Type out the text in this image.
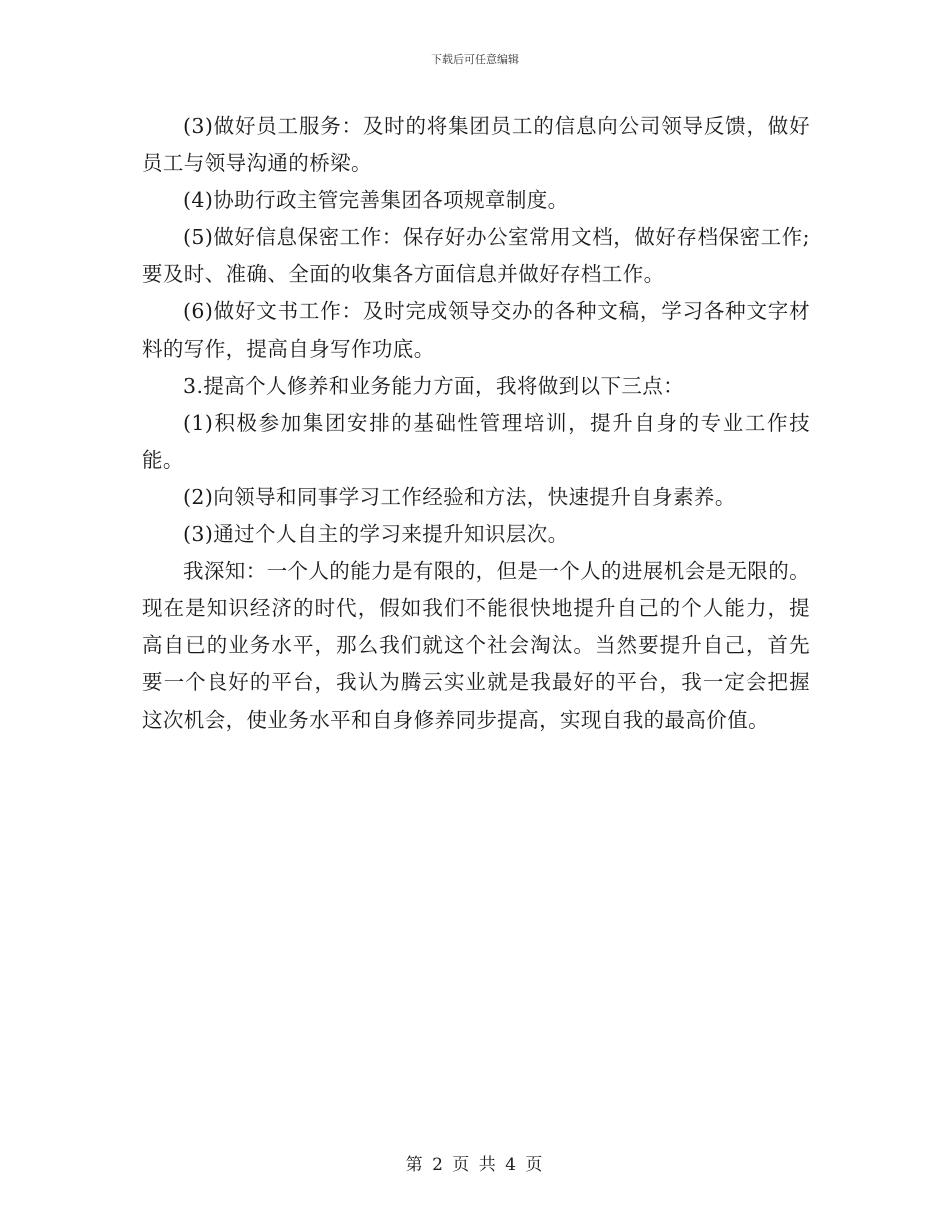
下载后可任意编辑

(3)做好员工服务：及时的将集团员工的信息向公司领导反馈，做好员工与领导沟通的桥梁。

(4)协助行政主管完善集团各项规章制度。

(5)做好信息保密工作：保存好办公室常用文档，做好存档保密工作;要及时、准确、全面的收集各方面信息并做好存档工作。

(6)做好文书工作：及时完成领导交办的各种文稿，学习各种文字材料的写作，提高自身写作功底。

3.提高个人修养和业务能力方面，我将做到以下三点：

(1)积极参加集团安排的基础性管理培训，提升自身的专业工作技能。

(2)向领导和同事学习工作经验和方法，快速提升自身素养。

(3)通过个人自主的学习来提升知识层次。

我深知：一个人的能力是有限的，但是一个人的进展机会是无限的。现在是知识经济的时代，假如我们不能很快地提升自己的个人能力，提高自已的业务水平，那么我们就这个社会淘汰。当然要提升自己，首先要一个良好的平台，我认为腾云实业就是我最好的平台，我一定会把握这次机会，使业务水平和自身修养同步提高，实现自我的最高价值。

第 2 页 共 4 页
